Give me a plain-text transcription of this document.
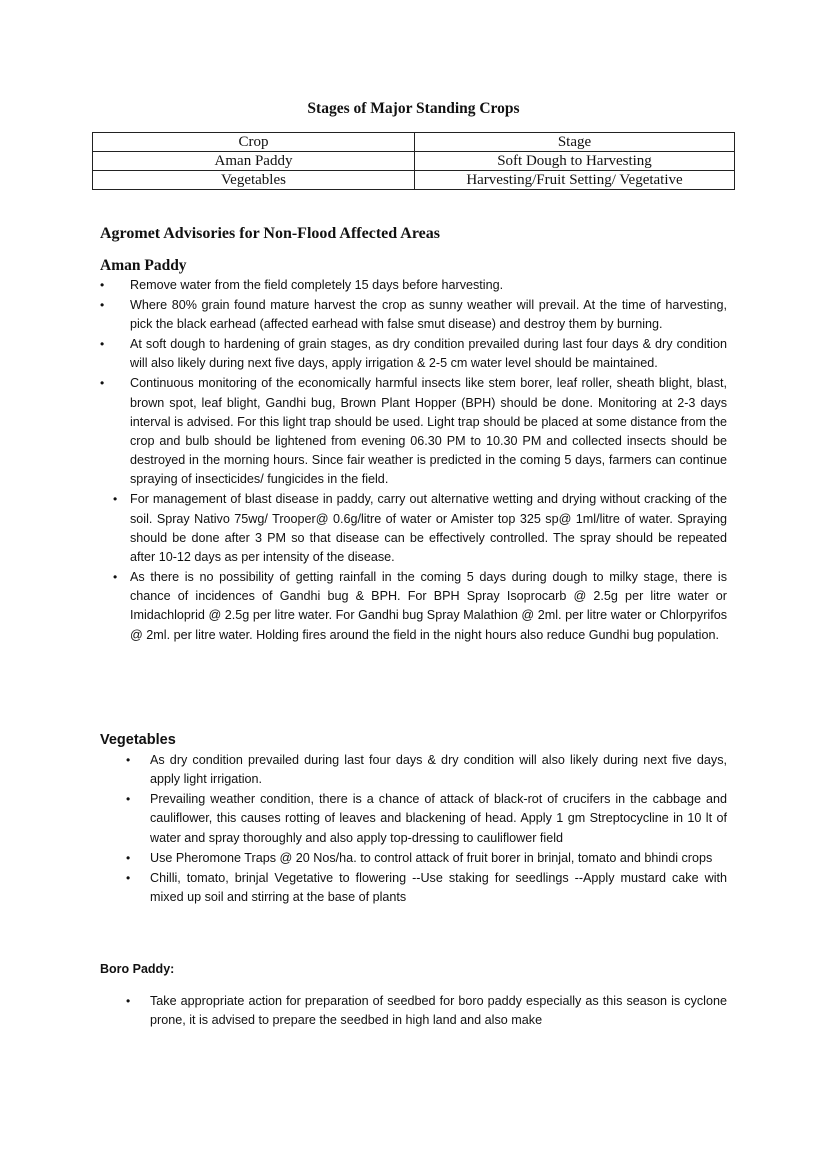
Stages of Major Standing Crops
Crop	Stage
Aman Paddy	Soft Dough to Harvesting
Vegetables	Harvesting/Fruit Setting/ Vegetative
Agromet Advisories for Non-Flood Affected Areas
Aman Paddy
• Remove water from the field completely 15 days before harvesting.
• Where 80% grain found mature harvest the crop as sunny weather will prevail. At the time of harvesting, pick the black earhead (affected earhead with false smut disease) and destroy them by burning.
• At soft dough to hardening of grain stages, as dry condition prevailed during last four days & dry condition will also likely during next five days, apply irrigation & 2-5 cm water level should be maintained.
• Continuous monitoring of the economically harmful insects like stem borer, leaf roller, sheath blight, blast, brown spot, leaf blight, Gandhi bug, Brown Plant Hopper (BPH) should be done. Monitoring at 2-3 days interval is advised. For this light trap should be used. Light trap should be placed at some distance from the crop and bulb should be lightened from evening 06.30 PM to 10.30 PM and collected insects should be destroyed in the morning hours. Since fair weather is predicted in the coming 5 days, farmers can continue spraying of insecticides/ fungicides in the field.
• For management of blast disease in paddy, carry out alternative wetting and drying without cracking of the soil. Spray Nativo 75wg/ Trooper@ 0.6g/litre of water or Amister top 325 sp@ 1ml/litre of water. Spraying should be done after 3 PM so that disease can be effectively controlled. The spray should be repeated after 10-12 days as per intensity of the disease.
• As there is no possibility of getting rainfall in the coming 5 days during dough to milky stage, there is chance of incidences of Gandhi bug & BPH. For BPH Spray Isoprocarb @ 2.5g per litre water or Imidachloprid @ 2.5g per litre water. For Gandhi bug Spray Malathion @ 2ml. per litre water or Chlorpyrifos @ 2ml. per litre water. Holding fires around the field in the night hours also reduce Gundhi bug population.
Vegetables
• As dry condition prevailed during last four days & dry condition will also likely during next five days, apply light irrigation.
• Prevailing weather condition, there is a chance of attack of black-rot of crucifers in the cabbage and cauliflower, this causes rotting of leaves and blackening of head. Apply 1 gm Streptocycline in 10 lt of water and spray thoroughly and also apply top-dressing to cauliflower field
• Use Pheromone Traps @ 20 Nos/ha. to control attack of fruit borer in brinjal, tomato and bhindi crops
• Chilli, tomato, brinjal Vegetative to flowering --Use staking for seedlings --Apply mustard cake with mixed up soil and stirring at the base of plants
Boro Paddy:
• Take appropriate action for preparation of seedbed for boro paddy especially as this season is cyclone prone, it is advised to prepare the seedbed in high land and also make
